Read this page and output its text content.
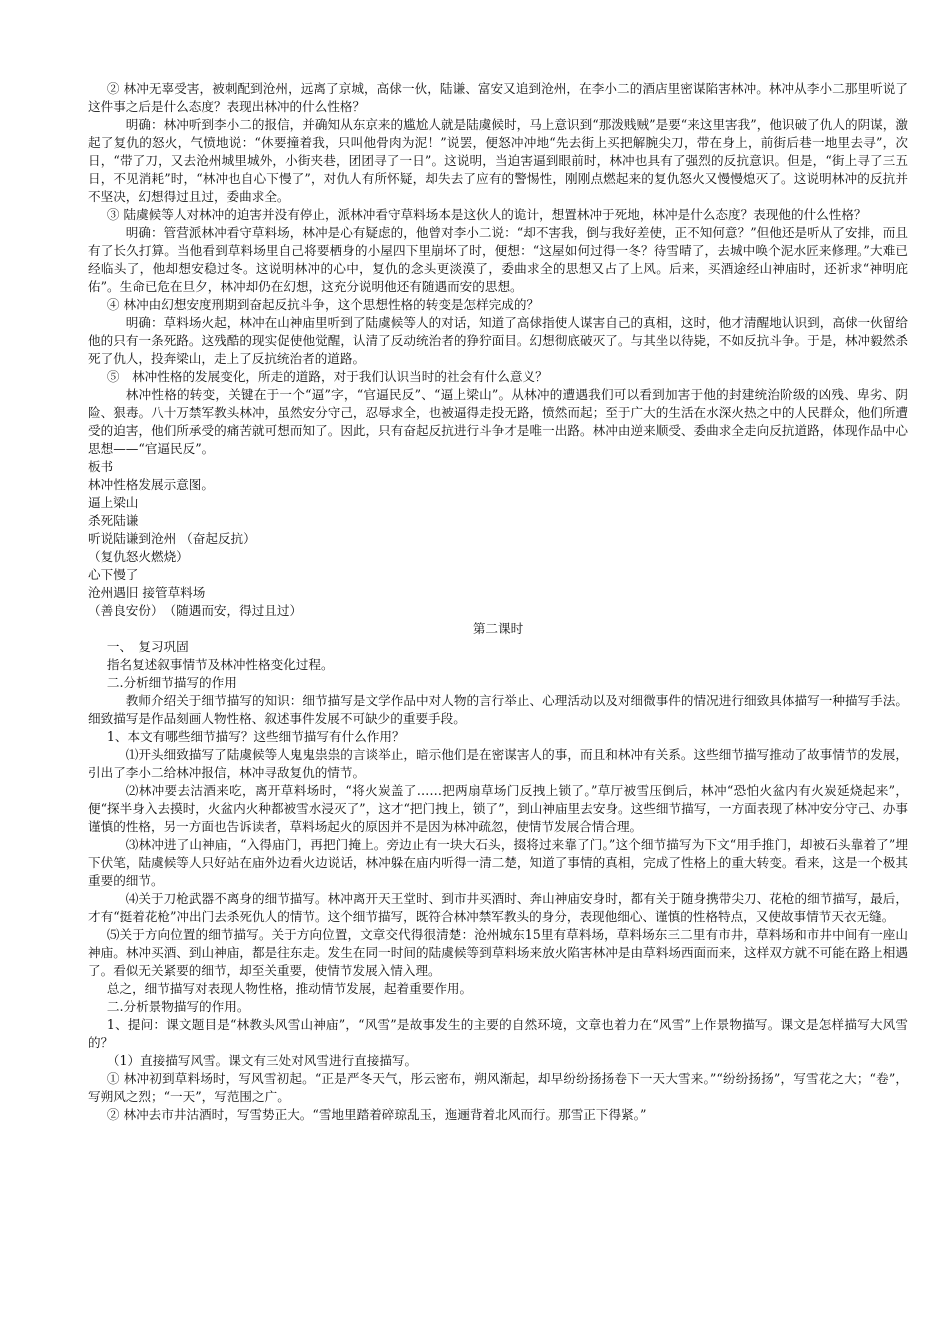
② 林冲无辜受害，被刺配到沧州，远离了京城，高俅一伙，陆谦、富安又追到沧州，在李小二的酒店里密谋陷害林冲。林冲从李小二那里听说了这件事之后是什么态度？表现出林冲的什么性格？

明确：林冲听到李小二的报信，并确知从东京来的尴尬人就是陆虞候时，马上意识到“那泼贱贼”是要“来这里害我”，他识破了仇人的阴谋，激起了复仇的怒火，气愤地说：“休要撞着我，只叫他骨肉为泥！”说罢，便怒冲冲地“先去街上买把解腕尖刀，带在身上，前街后巷一地里去寻”，次日，“带了刀，又去沧州城里城外，小街夹巷，团团寻了一日”。这说明，当迫害逼到眼前时，林冲也具有了强烈的反抗意识。但是，“街上寻了三五日，不见消耗”时，“林冲也自心下慢了”，对仇人有所怀疑，却失去了应有的警惕性，刚刚点燃起来的复仇怒火又慢慢熄灭了。这说明林冲的反抗并不坚决，幻想得过且过，委曲求全。

③ 陆虞候等人对林冲的迫害并没有停止，派林冲看守草料场本是这伙人的诡计，想置林冲于死地，林冲是什么态度？表现他的什么性格？

明确：管营派林冲看守草料场，林冲是心有疑虑的，他曾对李小二说：“却不害我，倒与我好差使，正不知何意？”但他还是听从了安排，而且有了长久打算。当他看到草料场里自己将要栖身的小屋四下里崩坏了时，便想：“这屋如何过得一冬？待雪晴了，去城中唤个泥水匠来修理。”大难已经临头了，他却想安稳过冬。这说明林冲的心中，复仇的念头更淡漠了，委曲求全的思想又占了上风。后来，买酒途经山神庙时，还祈求“神明庇佑”。生命已危在旦夕，林冲却仍在幻想，这充分说明他还有随遇而安的思想。

④ 林冲由幻想安度刑期到奋起反抗斗争，这个思想性格的转变是怎样完成的？

明确：草料场火起，林冲在山神庙里听到了陆虞候等人的对话，知道了高俅指使人谋害自己的真相，这时，他才清醒地认识到，高俅一伙留给他的只有一条死路。这残酷的现实促使他觉醒，认清了反动统治者的狰狞面目。幻想彻底破灭了。与其坐以待毙，不如反抗斗争。于是，林冲毅然杀死了仇人，投奔梁山，走上了反抗统治者的道路。

⑤　林冲性格的发展变化，所走的道路，对于我们认识当时的社会有什么意义？

林冲性格的转变，关键在于一个“逼”字，“官逼民反”、“逼上梁山”。从林冲的遭遇我们可以看到加害于他的封建统治阶级的凶残、卑劣、阴险、狠毒。八十万禁军教头林冲，虽然安分守己，忍辱求全，也被逼得走投无路，愤然而起；至于广大的生活在水深火热之中的人民群众，他们所遭受的迫害，他们所承受的痛苦就可想而知了。因此，只有奋起反抗进行斗争才是唯一出路。林冲由逆来顺受、委曲求全走向反抗道路，体现作品中心思想——“官逼民反”。

板书

林冲性格发展示意图。

逼上梁山

杀死陆谦

听说陆谦到沧州 （奋起反抗）

（复仇怒火燃烧）

心下慢了

沧州遇旧 接管草料场

（善良安份）　（随遇而安，得过且过）

第二课时

一、　复习巩固

指名复述叙事情节及林冲性格变化过程。

二.分析细节描写的作用

教师介绍关于细节描写的知识：细节描写是文学作品中对人物的言行举止、心理活动以及对细微事件的情况进行细致具体描写一种描写手法。细致描写是作品刻画人物性格、叙述事件发展不可缺少的重要手段。

1、本文有哪些细节描写？这些细节描写有什么作用？

⑴开头细致描写了陆虞候等人鬼鬼祟祟的言谈举止，暗示他们是在密谋害人的事，而且和林冲有关系。这些细节描写推动了故事情节的发展，引出了李小二给林冲报信，林冲寻敌复仇的情节。

⑵林冲要去沽酒来吃，离开草料场时，“将火炭盖了……把两扇草场门反拽上锁了。”草厅被雪压倒后，林冲“恐怕火盆内有火炭延烧起来”，便“探半身入去摸时，火盆内火种都被雪水浸灭了”，这才“把门拽上，锁了”，到山神庙里去安身。这些细节描写，一方面表现了林冲安分守己、办事谨慎的性格，另一方面也告诉读者，草料场起火的原因并不是因为林冲疏忽，使情节发展合情合理。

⑶林冲进了山神庙，“入得庙门，再把门掩上。旁边止有一块大石头，掇将过来靠了门。”这个细节描写为下文“用手推门，却被石头靠着了”埋下伏笔，陆虞候等人只好站在庙外边看火边说话，林冲躲在庙内听得一清二楚，知道了事情的真相，完成了性格上的重大转变。看来，这是一个极其重要的细节。

⑷关于刀枪武器不离身的细节描写。林冲离开天王堂时、到市井买酒时、奔山神庙安身时，都有关于随身携带尖刀、花枪的细节描写，最后，才有“挺着花枪”冲出门去杀死仇人的情节。这个细节描写，既符合林冲禁军教头的身分，表现他细心、谨慎的性格特点，又使故事情节天衣无缝。

⑸关于方向位置的细节描写。关于方向位置，文章交代得很清楚：沧州城东15里有草料场，草料场东三二里有市井，草料场和市井中间有一座山神庙。林冲买酒、到山神庙，都是往东走。发生在同一时间的陆虞候等到草料场来放火陷害林冲是由草料场西面而来，这样双方就不可能在路上相遇了。看似无关紧要的细节，却至关重要，使情节发展入情入理。

总之，细节描写对表现人物性格，推动情节发展，起着重要作用。

二.分析景物描写的作用。

1、提问：课文题目是“林教头风雪山神庙”，“风雪”是故事发生的主要的自然环境，文章也着力在“风雪”上作景物描写。课文是怎样描写大风雪的？

（1）直接描写风雪。课文有三处对风雪进行直接描写。

① 林冲初到草料场时，写风雪初起。“正是严冬天气，彤云密布，朔风渐起，却早纷纷扬扬卷下一天大雪来。”“纷纷扬扬”，写雪花之大；“卷”，写朔风之烈；“一天”，写范围之广。

② 林冲去市井沽酒时，写雪势正大。“雪地里踏着碎琼乱玉，迤逦背着北风而行。那雪正下得紧。”
